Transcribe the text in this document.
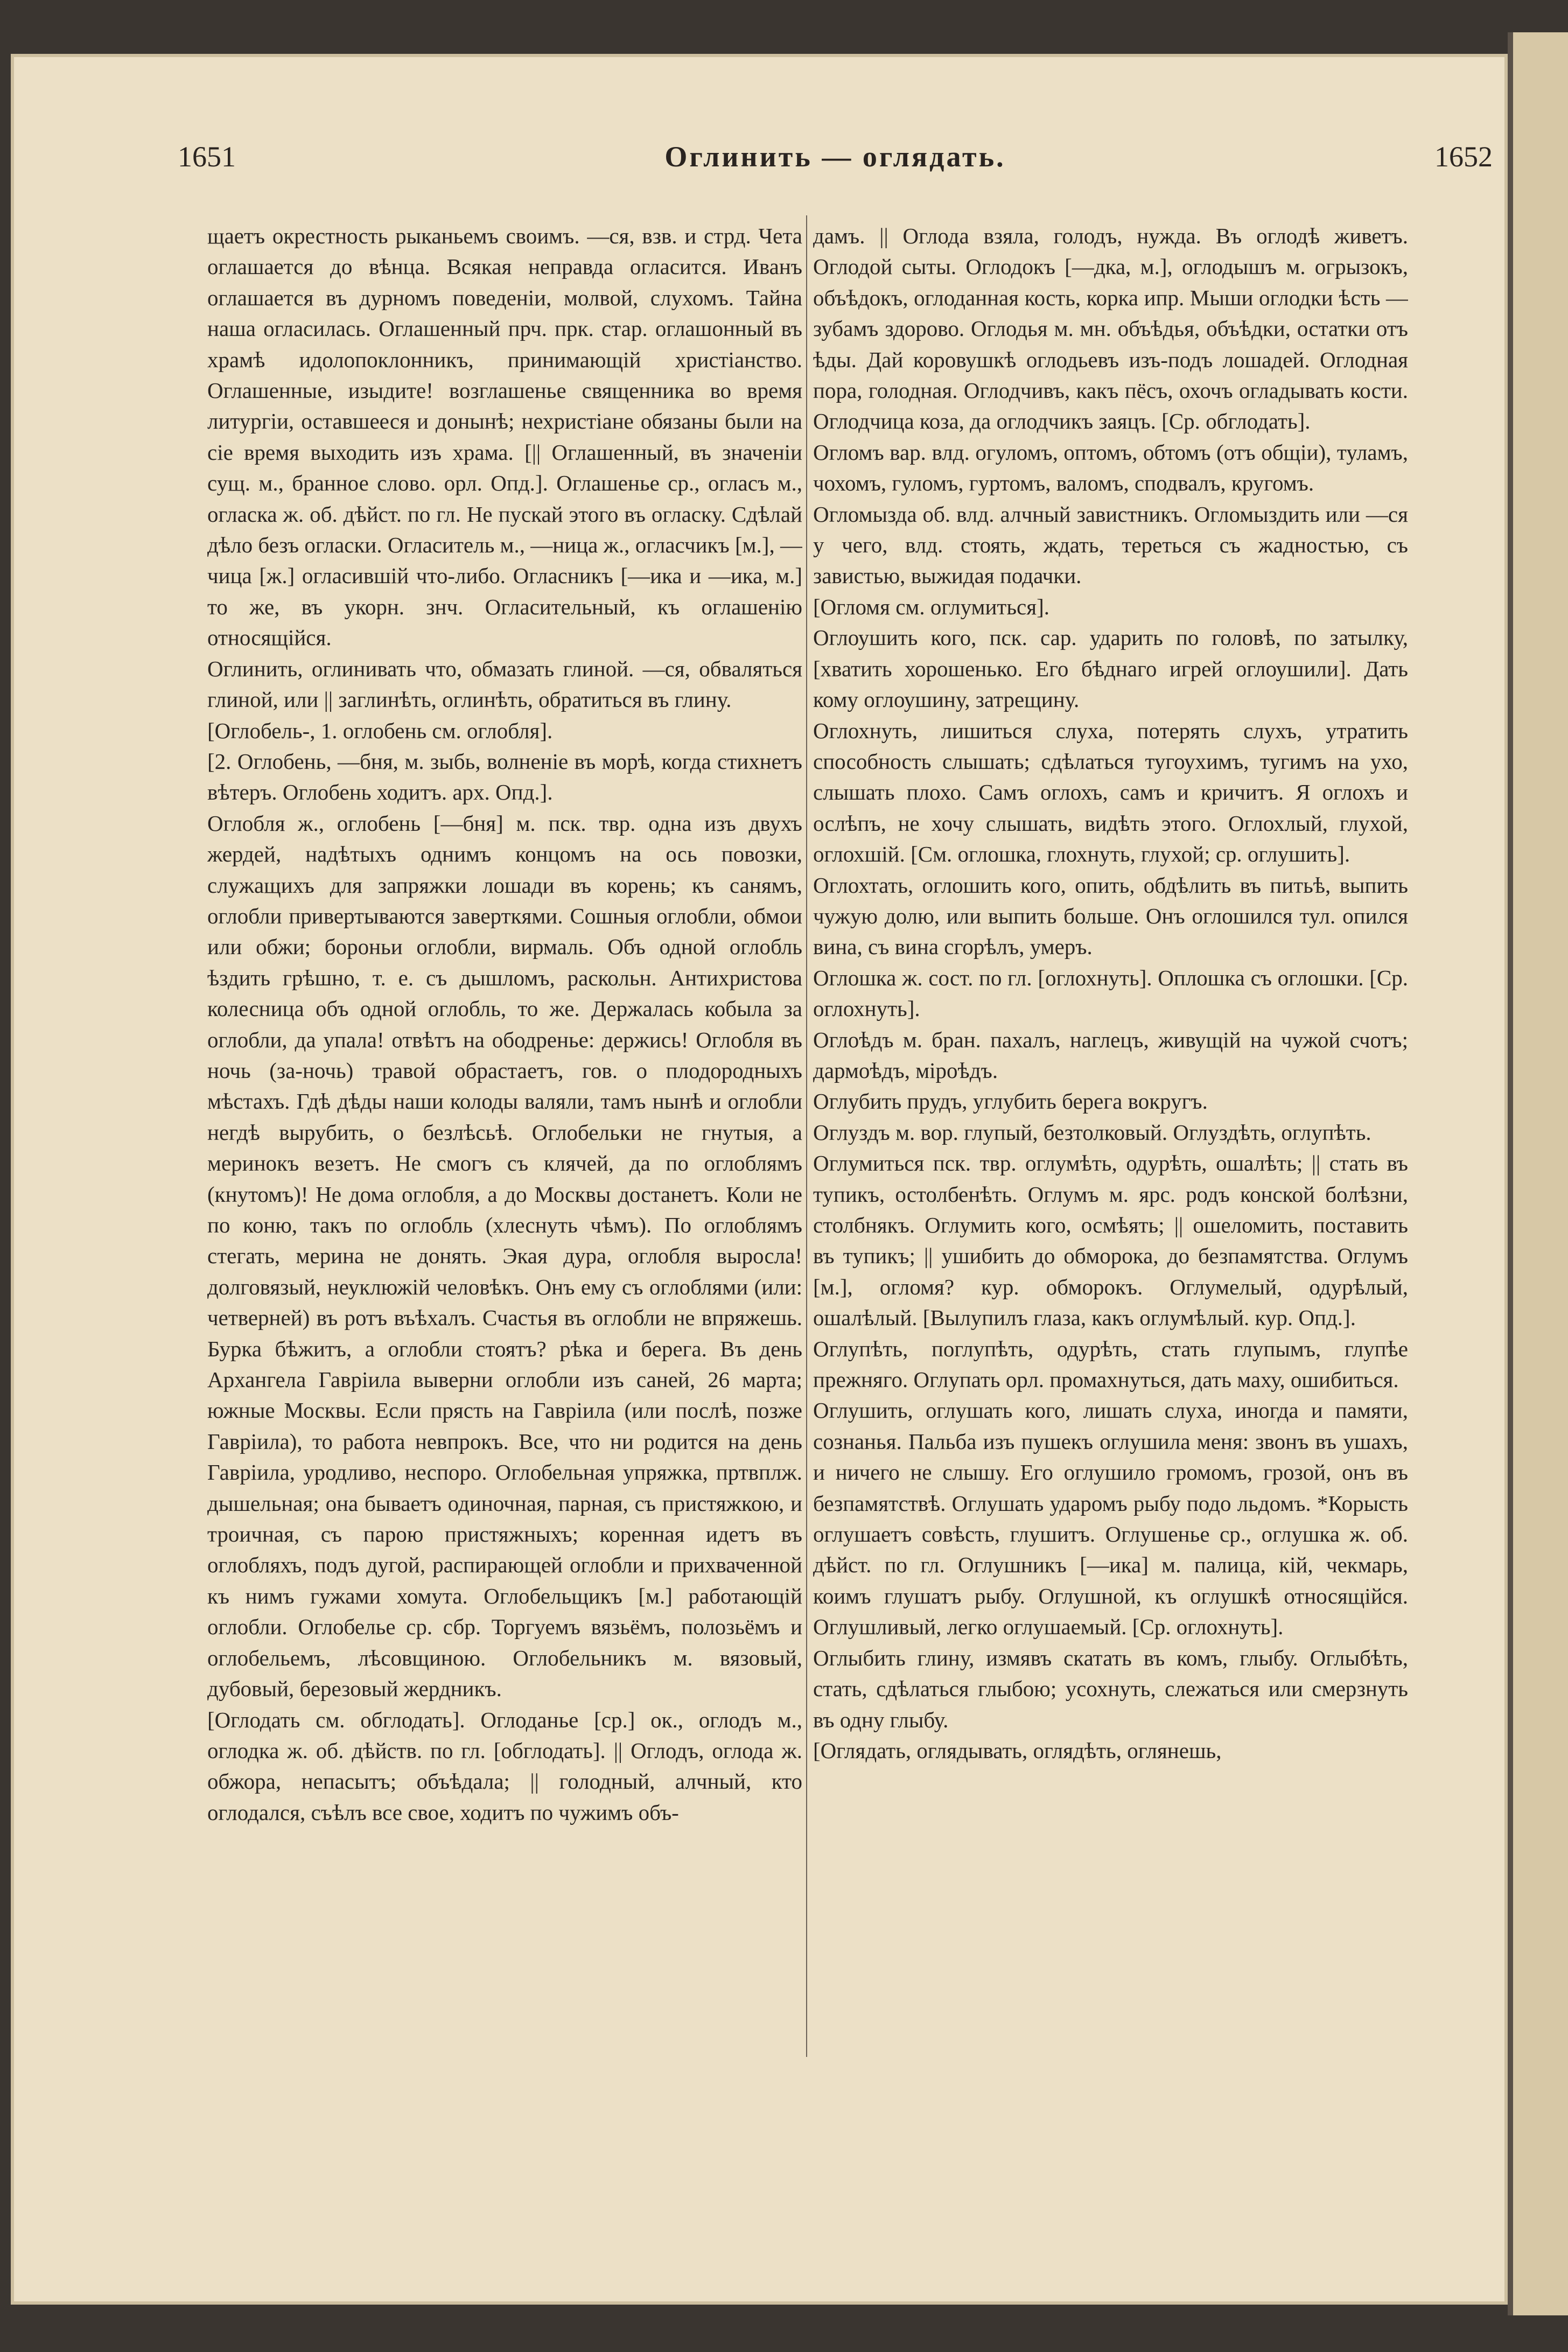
1651	Оглинить — оглядать.	1652

щаетъ окрестность рыканьемъ своимъ. —ся, взв. и стрд. Чета оглашается до вѣнца. Всякая неправда огласится. Иванъ оглашается въ дурномъ поведеніи, молвой, слухомъ. Тайна наша огласилась. Оглашенный прч. прк. стар. оглашонный въ храмѣ идолопоклонникъ, принимающій христіанство. Оглашенные, изыдите! возглашенье священника во время литургіи, оставшееся и донынѣ; нехристіане обязаны были на сіе время выходить изъ храма. [|| Оглашенный, въ значеніи сущ. м., бранное слово. орл. Опд.]. Оглашенье ср., огласъ м., огласка ж. об. дѣйст. по гл. Не пускай этого въ огласку. Сдѣлай дѣло безъ огласки. Огласитель м., —ница ж., огласчикъ [м.], —чица [ж.] огласившій что-либо. Огласникъ [—ика и —ика, м.] то же, въ укорн. знч. Огласительный, къ оглашенію относящійся.

Оглинить, оглинивать что, обмазать глиной. —ся, обваляться глиной, или || заглинѣть, оглинѣть, обратиться въ глину.

[Оглобель-, 1. оглобень см. оглобля].

[2. Оглобень, —бня, м. зыбь, волненіе въ морѣ, когда стихнетъ вѣтеръ. Оглобень ходитъ. арх. Опд.].

Оглобля ж., оглобень [—бня] м. пск. твр. одна изъ двухъ жердей, надѣтыхъ однимъ концомъ на ось повозки, служащихъ для запряжки лошади въ корень; къ санямъ, оглобли привертываются заверткями. Сошныя оглобли, обмои или обжи; бороньи оглобли, вирмаль. Объ одной оглобль ѣздить грѣшно, т. е. съ дышломъ, раскольн. Антихристова колесница объ одной оглобль, то же. Держалась кобыла за оглобли, да упала! отвѣтъ на ободренье: держись! Оглобля въ ночь (за-ночь) травой обрастаетъ, гов. о плодородныхъ мѣстахъ. Гдѣ дѣды наши колоды валяли, тамъ нынѣ и оглобли негдѣ вырубить, о безлѣсьѣ. Оглобельки не гнутыя, а меринокъ везетъ. Не смогъ съ клячей, да по оглоблямъ (кнутомъ)! Не дома оглобля, а до Москвы достанетъ. Коли не по коню, такъ по оглобль (хлеснуть чѣмъ). По оглоблямъ стегать, мерина не донять. Экая дура, оглобля выросла! долговязый, неуклюжій человѣкъ. Онъ ему съ оглоблями (или: четверней) въ ротъ въѣхалъ. Счастья въ оглобли не впряжешь. Бурка бѣжитъ, а оглобли стоятъ? рѣка и берега. Въ день Архангела Гавріила выверни оглобли изъ саней, 26 марта; южные Москвы. Если прясть на Гавріила (или послѣ, позже Гавріила), то работа невпрокъ. Все, что ни родится на день Гавріила, уродливо, неспоро. Оглобельная упряжка, пртвплж. дышельная; она бываетъ одиночная, парная, съ пристяжкою, и троичная, съ парою пристяжныхъ; коренная идетъ въ оглобляхъ, подъ дугой, распирающей оглобли и прихваченной къ нимъ гужами хомута. Оглобельщикъ [м.] работающій оглобли. Оглобелье ср. сбр. Торгуемъ вязьёмъ, полозьёмъ и оглобельемъ, лѣсовщиною. Оглобельникъ м. вязовый, дубовый, березовый жердникъ.

[Оглодать см. обглодать]. Оглоданье [ср.] ок., оглодъ м., оглодка ж. об. дѣйств. по гл. [обглодать]. || Оглодъ, оглода ж. обжора, непасытъ; объѣдала; || голодный, алчный, кто оглодался, съѣлъ все свое, ходитъ по чужимъ объ-

дамъ. || Оглода взяла, голодъ, нужда. Въ оглодѣ живетъ. Оглодой сыты. Оглодокъ [—дка, м.], оглодышъ м. огрызокъ, объѣдокъ, оглоданная кость, корка ипр. Мыши оглодки ѣсть — зубамъ здорово. Оглодья м. мн. объѣдья, объѣдки, остатки отъ ѣды. Дай коровушкѣ оглодьевъ изъ-подъ лошадей. Оглодная пора, голодная. Оглодчивъ, какъ пёсъ, охочъ огладывать кости. Оглодчица коза, да оглодчикъ заяцъ. [Ср. обглодать].

Огломъ вар. влд. огуломъ, оптомъ, обтомъ (отъ общіи), туламъ, чохомъ, гуломъ, гуртомъ, валомъ, сподвалъ, кругомъ.

Огломызда об. влд. алчный завистникъ. Огломыздить или —ся у чего, влд. стоять, ждать, тереться съ жадностью, съ завистью, выжидая подачки.

[Огломя см. оглумиться].

Оглоушить кого, пск. сар. ударить по головѣ, по затылку, [хватить хорошенько. Его бѣднаго игрей оглоушили]. Дать кому оглоушину, затрещину.

Оглохнуть, лишиться слуха, потерять слухъ, утратить способность слышать; сдѣлаться тугоухимъ, тугимъ на ухо, слышать плохо. Самъ оглохъ, самъ и кричитъ. Я оглохъ и ослѣпъ, не хочу слышать, видѣть этого. Оглохлый, глухой, оглохшій. [См. оглошка, глохнуть, глухой; ср. оглушить].

Оглохтать, оглошить кого, опить, обдѣлить въ питьѣ, выпить чужую долю, или выпить больше. Онъ оглошился тул. опился вина, съ вина сгорѣлъ, умеръ.

Оглошка ж. сост. по гл. [оглохнуть]. Оплошка съ оглошки. [Ср. оглохнуть].

Оглоѣдъ м. бран. пахалъ, наглецъ, живущій на чужой счотъ; дармоѣдъ, міроѣдъ.

Оглубить прудъ, углубить берега вокругъ.

Оглуздъ м. вор. глупый, безтолковый. Оглуздѣть, оглупѣть.

Оглумиться пск. твр. оглумѣть, одурѣть, ошалѣть; || стать въ тупикъ, остолбенѣть. Оглумъ м. ярс. родъ конской болѣзни, столбнякъ. Оглумить кого, осмѣять; || ошеломить, поставить въ тупикъ; || ушибить до обморока, до безпамятства. Оглумъ [м.], огломя? кур. обморокъ. Оглумелый, одурѣлый, ошалѣлый. [Вылупилъ глаза, какъ оглумѣлый. кур. Опд.].

Оглупѣть, поглупѣть, одурѣть, стать глупымъ, глупѣе прежняго. Оглупать орл. промахнуться, дать маху, ошибиться.

Оглушить, оглушать кого, лишать слуха, иногда и памяти, сознанья. Пальба изъ пушекъ оглушила меня: звонъ въ ушахъ, и ничего не слышу. Его оглушило громомъ, грозой, онъ въ безпамятствѣ. Оглушать ударомъ рыбу подо льдомъ. *Корысть оглушаетъ совѣсть, глушитъ. Оглушенье ср., оглушка ж. об. дѣйст. по гл. Оглушникъ [—ика] м. палица, кій, чекмарь, коимъ глушатъ рыбу. Оглушной, къ оглушкѣ относящійся. Оглушливый, легко оглушаемый. [Ср. оглохнуть].

Оглыбить глину, измявъ скатать въ комъ, глыбу. Оглыбѣть, стать, сдѣлаться глыбою; усохнуть, слежаться или смерзнуть въ одну глыбу.

[Оглядать, оглядывать, оглядѣть, оглянешь,
